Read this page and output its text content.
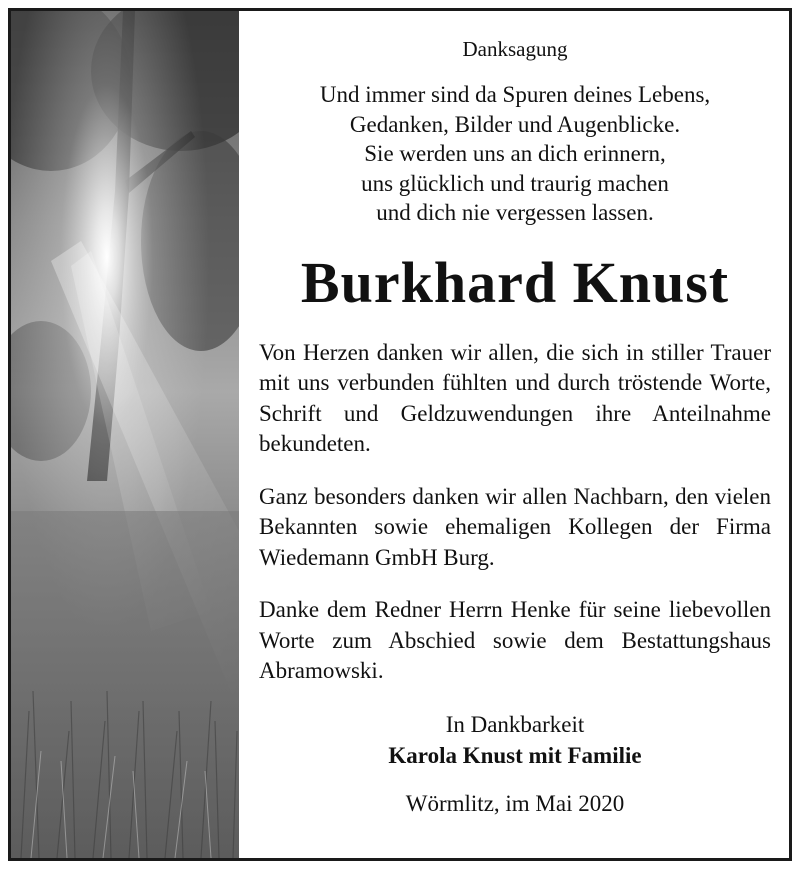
Danksagung
Und immer sind da Spuren deines Lebens,
Gedanken, Bilder und Augenblicke.
Sie werden uns an dich erinnern,
uns glücklich und traurig machen
und dich nie vergessen lassen.
Burkhard Knust

Von Herzen danken wir allen, die sich in stiller Trauer mit uns verbunden fühlten und durch tröstende Worte, Schrift und Geldzuwendungen ihre Anteilnahme bekundeten.

Ganz besonders danken wir allen Nachbarn, den vielen Bekannten sowie ehemaligen Kollegen der Firma Wiedemann GmbH Burg.

Danke dem Redner Herrn Henke für seine liebevollen Worte zum Abschied sowie dem Bestattungshaus Abramowski.

In Dankbarkeit
Karola Knust mit Familie
Wörmlitz, im Mai 2020
